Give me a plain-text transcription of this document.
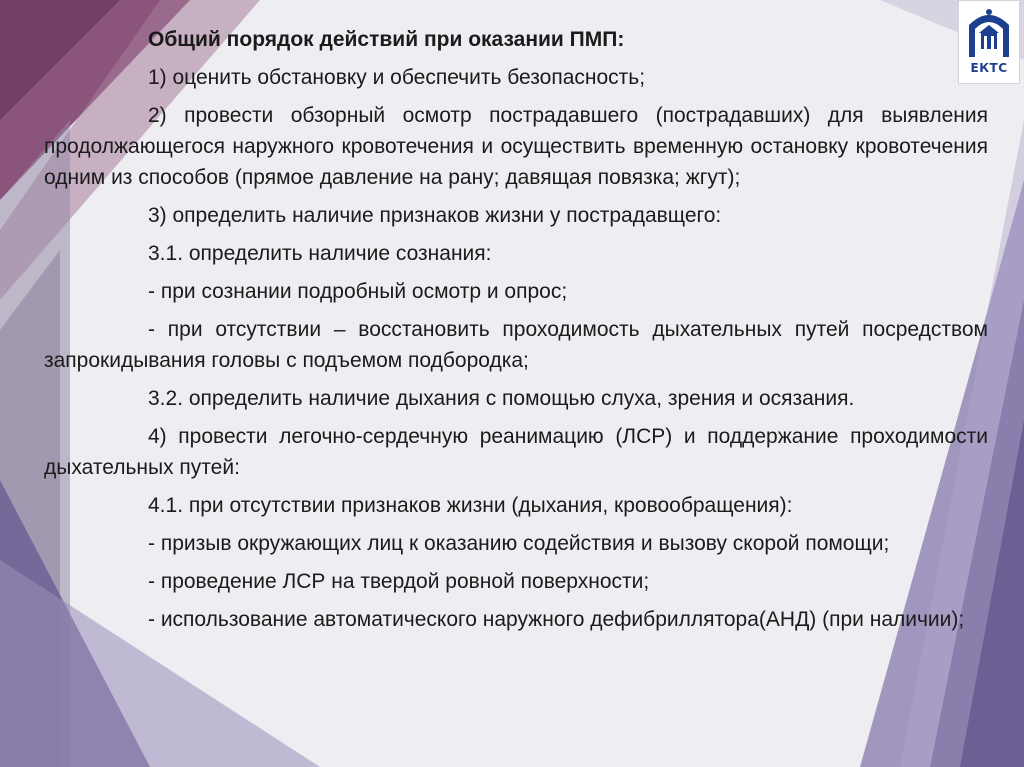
ЕКТС

Общий порядок действий при оказании ПМП:

1) оценить обстановку и обеспечить безопасность;

2) провести обзорный осмотр пострадавшего (пострадавших) для выявления продолжающегося наружного кровотечения и осуществить временную остановку кровотечения одним из способов (прямое давление на рану; давящая повязка; жгут);

3) определить наличие признаков жизни у пострадавщего:

3.1. определить наличие сознания:

- при сознании подробный осмотр и опрос;

- при отсутствии – восстановить проходимость дыхательных путей посредством запрокидывания головы с подъемом подбородка;

3.2. определить наличие дыхания с помощью слуха, зрения и осязания.

4) провести легочно-сердечную реанимацию (ЛСР) и поддержание проходимости дыхательных путей:

4.1. при отсутствии признаков жизни (дыхания, кровообращения):

- призыв окружающих лиц к оказанию содействия и вызову скорой помощи;

- проведение ЛСР на твердой ровной поверхности;

- использование автоматического наружного дефибриллятора(АНД) (при наличии);
